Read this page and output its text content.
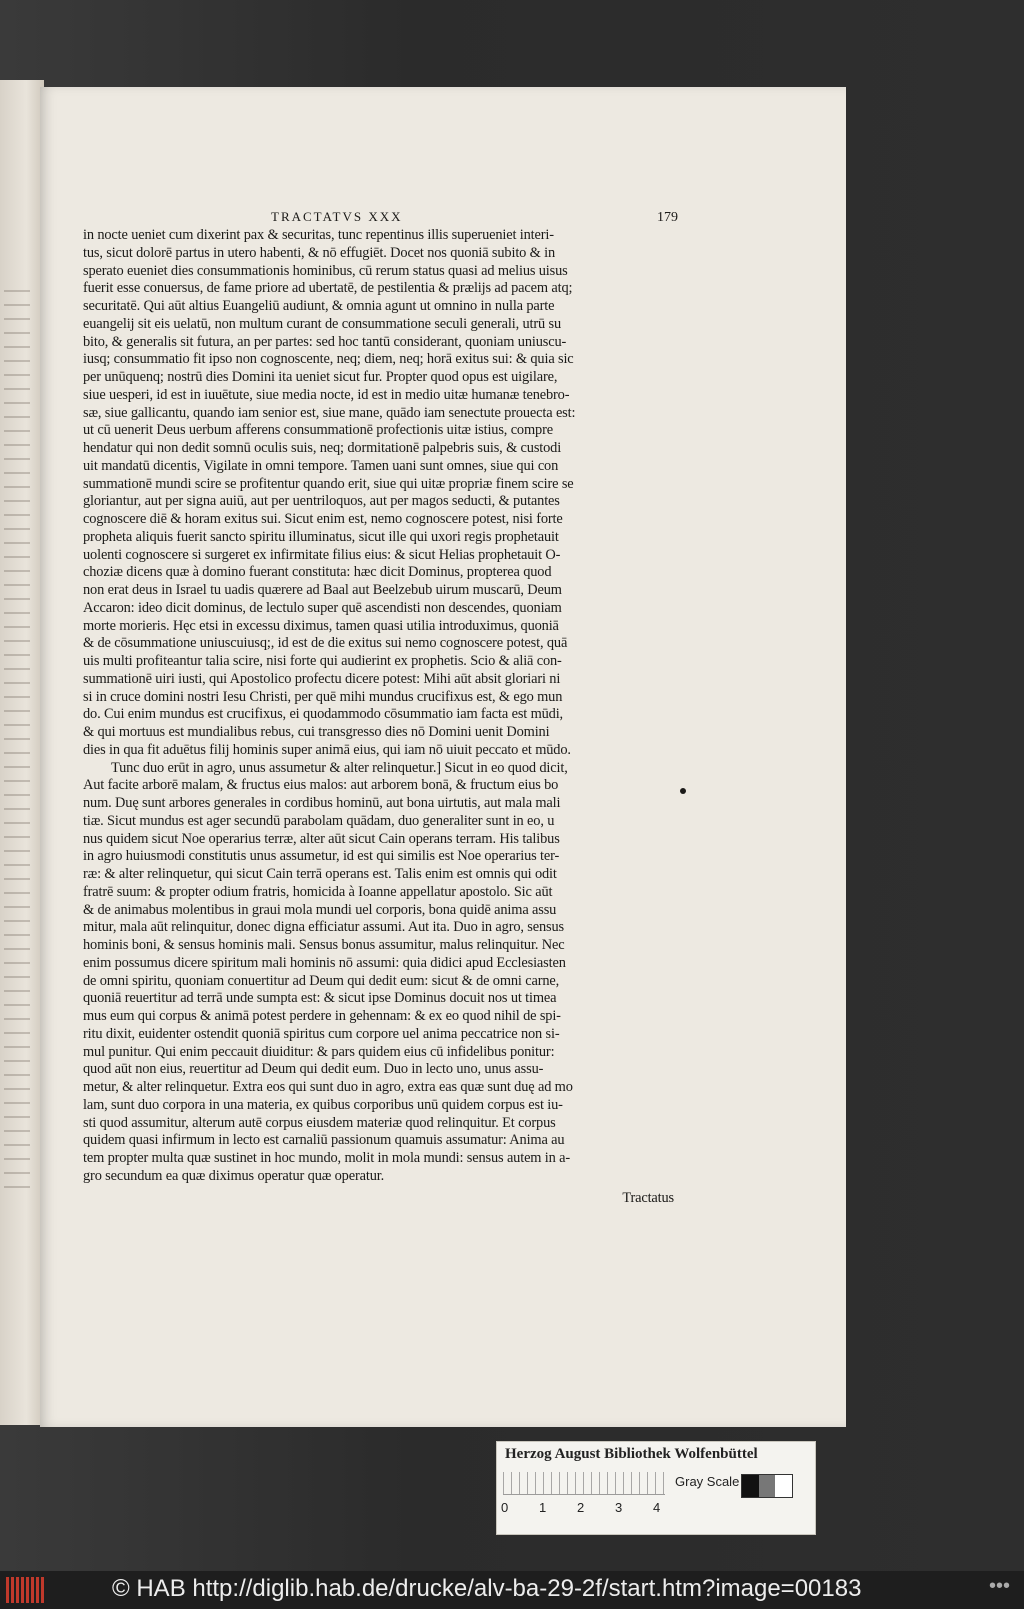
TRACTATVS XXX	179
in nocte ueniet cum dixerint pax & securitas, tunc repentinus illis superueniet interi-
tus, sicut dolorē partus in utero habenti, & nō effugiēt. Docet nos quoniā subito & in
sperato eueniet dies consummationis hominibus, cū rerum status quasi ad melius uisus
fuerit esse conuersus, de fame priore ad ubertatē, de pestilentia & prælijs ad pacem atq;
securitatē. Qui aūt altius Euangeliū audiunt, & omnia agunt ut omnino in nulla parte
euangelij sit eis uelatū, non multum curant de consummatione seculi generali, utrū su
bito, & generalis sit futura, an per partes: sed hoc tantū considerant, quoniam uniuscu-
iusq; consummatio fit ipso non cognoscente, neq; diem, neq; horā exitus sui: & quia sic
per unūquenq; nostrū dies Domini ita ueniet sicut fur. Propter quod opus est uigilare,
siue uesperi, id est in iuuētute, siue media nocte, id est in medio uitæ humanæ tenebro-
sæ, siue gallicantu, quando iam senior est, siue mane, quādo iam senectute prouecta est:
ut cū uenerit Deus uerbum afferens consummationē profectionis uitæ istius, compre
hendatur qui non dedit somnū oculis suis, neq; dormitationē palpebris suis, & custodi
uit mandatū dicentis, Vigilate in omni tempore. Tamen uani sunt omnes, siue qui con
summationē mundi scire se profitentur quando erit, siue qui uitæ propriæ finem scire se
gloriantur, aut per signa auiū, aut per uentriloquos, aut per magos seducti, & putantes
cognoscere diē & horam exitus sui. Sicut enim est, nemo cognoscere potest, nisi forte
propheta aliquis fuerit sancto spiritu illuminatus, sicut ille qui uxori regis prophetauit
uolenti cognoscere si surgeret ex infirmitate filius eius: & sicut Helias prophetauit O-
choziæ dicens quæ à domino fuerant constituta: hæc dicit Dominus, propterea quod
non erat deus in Israel tu uadis quærere ad Baal aut Beelzebub uirum muscarū, Deum
Accaron: ideo dicit dominus, de lectulo super quē ascendisti non descendes, quoniam
morte morieris. Hęc etsi in excessu diximus, tamen quasi utilia introduximus, quoniā
& de cōsummatione uniuscuiusq;, id est de die exitus sui nemo cognoscere potest, quā
uis multi profiteantur talia scire, nisi forte qui audierint ex prophetis. Scio & aliā con-
summationē uiri iusti, qui Apostolico profectu dicere potest: Mihi aūt absit gloriari ni
si in cruce domini nostri Iesu Christi, per quē mihi mundus crucifixus est, & ego mun
do. Cui enim mundus est crucifixus, ei quodammodo cōsummatio iam facta est mūdi,
& qui mortuus est mundialibus rebus, cui transgresso dies nō Domini uenit Domini
dies in qua fit aduētus filij hominis super animā eius, qui iam nō uiuit peccato et mūdo.
Tunc duo erūt in agro, unus assumetur & alter relinquetur.] Sicut in eo quod dicit,
Aut facite arborē malam, & fructus eius malos: aut arborem bonā, & fructum eius bo
num. Duę sunt arbores generales in cordibus hominū, aut bona uirtutis, aut mala mali
tiæ. Sicut mundus est ager secundū parabolam quādam, duo generaliter sunt in eo, u
nus quidem sicut Noe operarius terræ, alter aūt sicut Cain operans terram. His talibus
in agro huiusmodi constitutis unus assumetur, id est qui similis est Noe operarius ter-
ræ: & alter relinquetur, qui sicut Cain terrā operans est. Talis enim est omnis qui odit
fratrē suum: & propter odium fratris, homicida à Ioanne appellatur apostolo. Sic aūt
& de animabus molentibus in graui mola mundi uel corporis, bona quidē anima assu
mitur, mala aūt relinquitur, donec digna efficiatur assumi. Aut ita. Duo in agro, sensus
hominis boni, & sensus hominis mali. Sensus bonus assumitur, malus relinquitur. Nec
enim possumus dicere spiritum mali hominis nō assumi: quia didici apud Ecclesiasten
de omni spiritu, quoniam conuertitur ad Deum qui dedit eum: sicut & de omni carne,
quoniā reuertitur ad terrā unde sumpta est: & sicut ipse Dominus docuit nos ut timea
mus eum qui corpus & animā potest perdere in gehennam: & ex eo quod nihil de spi-
ritu dixit, euidenter ostendit quoniā spiritus cum corpore uel anima peccatrice non si-
mul punitur. Qui enim peccauit diuiditur: & pars quidem eius cū infidelibus ponitur:
quod aūt non eius, reuertitur ad Deum qui dedit eum. Duo in lecto uno, unus assu-
metur, & alter relinquetur. Extra eos qui sunt duo in agro, extra eas quæ sunt duę ad mo
lam, sunt duo corpora in una materia, ex quibus corporibus unū quidem corpus est iu-
sti quod assumitur, alterum autē corpus eiusdem materiæ quod relinquitur. Et corpus
quidem quasi infirmum in lecto est carnaliū passionum quamuis assumatur: Anima au
tem propter multa quæ sustinet in hoc mundo, molit in mola mundi: sensus autem in a-
gro secundum ea quæ diximus operatur quæ operatur.
Tractatus
Herzog August Bibliothek Wolfenbüttel
0 1 2 3 4
Gray Scale
© HAB http://diglib.hab.de/drucke/alv-ba-29-2f/start.htm?image=00183	•••
